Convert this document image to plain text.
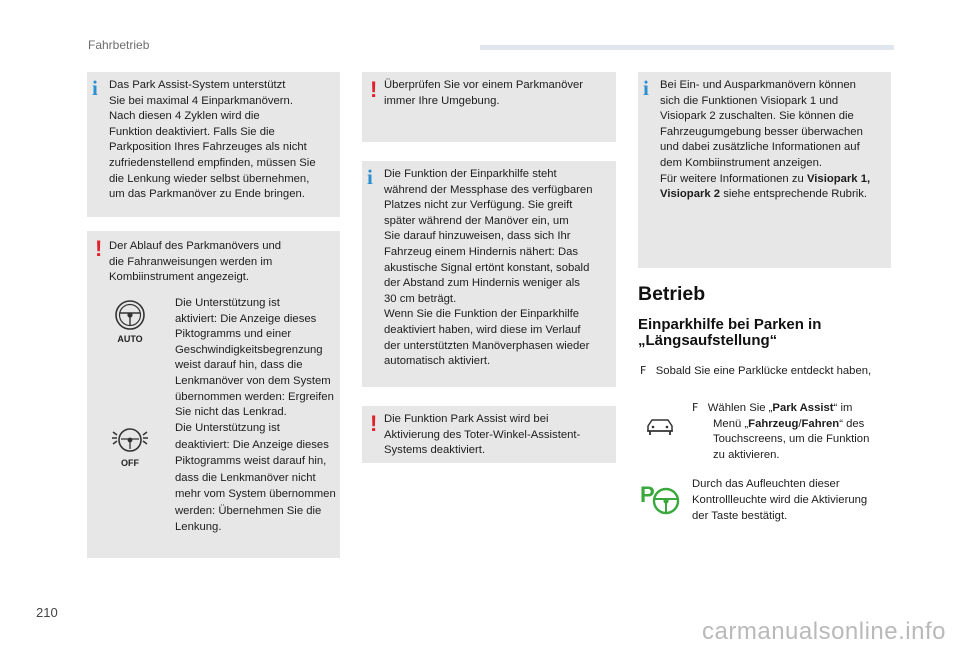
Fahrbetrieb
i Das Park Assist-System unterstützt
Sie bei maximal 4 Einparkmanövern.
Nach diesen 4 Zyklen wird die
Funktion deaktiviert. Falls Sie die
Parkposition Ihres Fahrzeuges als nicht
zufriedenstellend empfinden, müssen Sie
die Lenkung wieder selbst übernehmen,
um das Parkmanöver zu Ende bringen.
! Der Ablauf des Parkmanövers und
die Fahranweisungen werden im
Kombiinstrument angezeigt.
AUTO
Die Unterstützung ist
aktiviert: Die Anzeige dieses
Piktogramms und einer
Geschwindigkeitsbegrenzung
weist darauf hin, dass die
Lenkmanöver von dem System
übernommen werden: Ergreifen
Sie nicht das Lenkrad.
OFF
Die Unterstützung ist
deaktiviert: Die Anzeige dieses
Piktogramms weist darauf hin,
dass die Lenkmanöver nicht
mehr vom System übernommen
werden: Übernehmen Sie die
Lenkung.
! Überprüfen Sie vor einem Parkmanöver
immer Ihre Umgebung.
i Die Funktion der Einparkhilfe steht
während der Messphase des verfügbaren
Platzes nicht zur Verfügung. Sie greift
später während der Manöver ein, um
Sie darauf hinzuweisen, dass sich Ihr
Fahrzeug einem Hindernis nähert: Das
akustische Signal ertönt konstant, sobald
der Abstand zum Hindernis weniger als
30 cm beträgt.
Wenn Sie die Funktion der Einparkhilfe
deaktiviert haben, wird diese im Verlauf
der unterstützten Manöverphasen wieder
automatisch aktiviert.
! Die Funktion Park Assist wird bei
Aktivierung des Toter-Winkel-Assistent-
Systems deaktiviert.
i Bei Ein- und Ausparkmanövern können
sich die Funktionen Visiopark 1 und
Visiopark 2 zuschalten. Sie können die
Fahrzeugumgebung besser überwachen
und dabei zusätzliche Informationen auf
dem Kombiinstrument anzeigen.
Für weitere Informationen zu Visiopark 1,
Visiopark 2 siehe entsprechende Rubrik.
Betrieb
Einparkhilfe bei Parken in
„Längsaufstellung“
F Sobald Sie eine Parklücke entdeckt haben,
F Wählen Sie „Park Assist“ im
Menü „Fahrzeug/Fahren“ des
Touchscreens, um die Funktion
zu aktivieren.
P	Durch das Aufleuchten dieser
Kontrollleuchte wird die Aktivierung
der Taste bestätigt.
210
carmanualsonline.info
